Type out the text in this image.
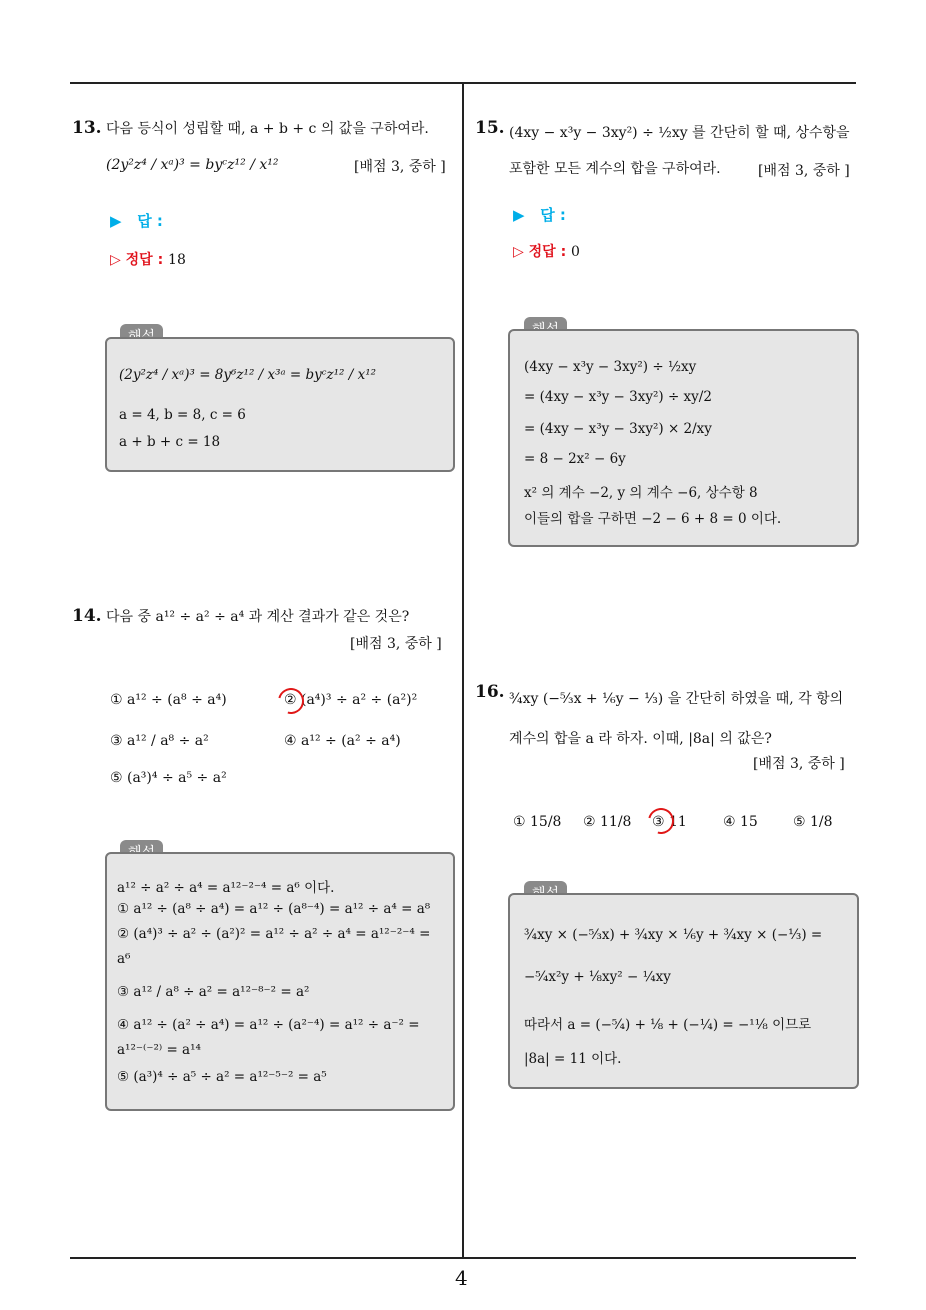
4
13. 다음 등식이 성립할 때, a + b + c 의 값을 구하여라.
(2y²z⁴ / xᵃ)³ = byᶜz¹² / x¹²	[배점 3, 중하 ]
▶   답 :
▷ 정답 : 18
(2y²z⁴ / xᵃ)³ = 8y⁶z¹² / x³ᵃ = byᶜz¹² / x¹²
a = 4, b = 8, c = 6
a + b + c = 18
14. 다음 중 a¹² ÷ a² ÷ a⁴ 과 계산 결과가 같은 것은?
[배점 3, 중하 ]
① a¹² ÷ (a⁸ ÷ a⁴)	② (a⁴)³ ÷ a² ÷ (a²)²
③ a¹² / a⁸ ÷ a²	④ a¹² ÷ (a² ÷ a⁴)
⑤ (a³)⁴ ÷ a⁵ ÷ a²
a¹² ÷ a² ÷ a⁴ = a¹²⁻²⁻⁴ = a⁶ 이다.
① a¹² ÷ (a⁸ ÷ a⁴) = a¹² ÷ (a⁸⁻⁴) = a¹² ÷ a⁴ = a⁸
② (a⁴)³ ÷ a² ÷ (a²)² = a¹² ÷ a² ÷ a⁴ = a¹²⁻²⁻⁴ =
a⁶
③ a¹² / a⁸ ÷ a² = a¹²⁻⁸⁻² = a²
④ a¹² ÷ (a² ÷ a⁴) = a¹² ÷ (a²⁻⁴) = a¹² ÷ a⁻² =
a¹²⁻⁽⁻²⁾ = a¹⁴
⑤ (a³)⁴ ÷ a⁵ ÷ a² = a¹²⁻⁵⁻² = a⁵
15. (4xy − x³y − 3xy²) ÷ ½xy 를 간단히 할 때, 상수항을
포함한 모든 계수의 합을 구하여라.	[배점 3, 중하 ]
▶   답 :
▷ 정답 : 0
(4xy − x³y − 3xy²) ÷ ½xy
= (4xy − x³y − 3xy²) ÷ xy/2
= (4xy − x³y − 3xy²) × 2/xy
= 8 − 2x² − 6y
x² 의 계수 −2, y 의 계수 −6, 상수항 8
이들의 합을 구하면 −2 − 6 + 8 = 0 이다.
16. ¾xy (−⁵⁄₃x + ⅙y − ⅓) 을 간단히 하였을 때, 각 항의
계수의 합을 a 라 하자. 이때, |8a| 의 값은?
[배점 3, 중하 ]
① 15/8 ② 11/8 ③ 11	④ 15	⑤ 1/8
¾xy × (−⁵⁄₃x) + ¾xy × ⅙y + ¾xy × (−⅓) =
−⁵⁄₄x²y + ⅛xy² − ¼xy
따라서 a = (−⁵⁄₄) + ⅛ + (−¼) = −¹¹⁄₈ 이므로
|8a| = 11 이다.
